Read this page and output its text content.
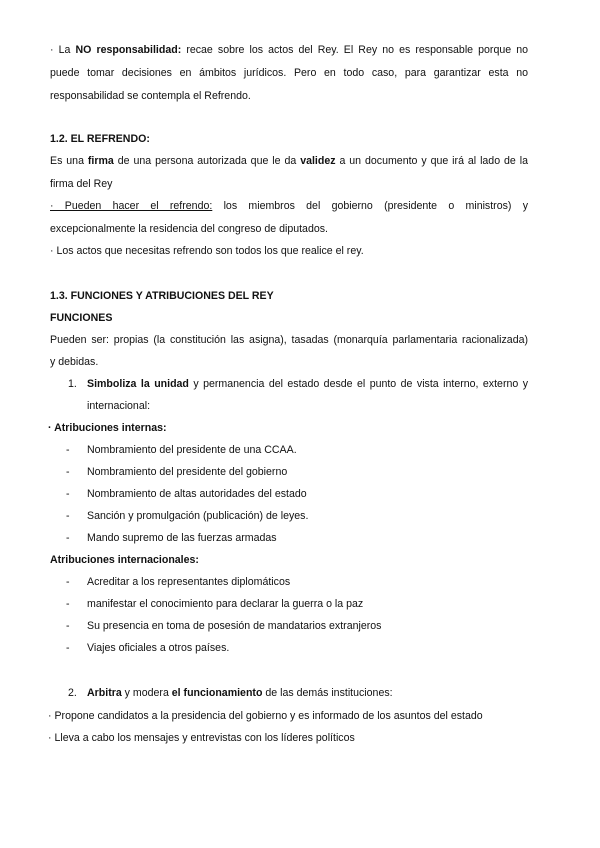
· La NO responsabilidad: recae sobre los actos del Rey. El Rey no es responsable porque no
puede tomar decisiones en ámbitos jurídicos. Pero en todo caso, para garantizar esta no
responsabilidad se contempla el Refrendo.
1.2. EL REFRENDO:
Es una firma de una persona autorizada que le da validez a un documento y que irá al lado de la
firma del Rey
· Pueden hacer el refrendo: los miembros del gobierno (presidente o ministros) y
excepcionalmente la residencia del congreso de diputados.
· Los actos que necesitas refrendo son todos los que realice el rey.
1.3. FUNCIONES Y ATRIBUCIONES DEL REY
FUNCIONES
Pueden ser: propias (la constitución las asigna), tasadas (monarquía parlamentaria racionalizada)
y debidas.
1. Simboliza la unidad y permanencia del estado desde el punto de vista interno, externo y
internacional:
· Atribuciones internas:
- Nombramiento del presidente de una CCAA.
- Nombramiento del presidente del gobierno
- Nombramiento de altas autoridades del estado
- Sanción y promulgación (publicación) de leyes.
- Mando supremo de las fuerzas armadas
Atribuciones internacionales:
- Acreditar a los representantes diplomáticos
- manifestar el conocimiento para declarar la guerra o la paz
- Su presencia en toma de posesión de mandatarios extranjeros
- Viajes oficiales a otros países.
2. Arbitra y modera el funcionamiento de las demás instituciones:
· Propone candidatos a la presidencia del gobierno y es informado de los asuntos del estado
· Lleva a cabo los mensajes y entrevistas con los líderes políticos
